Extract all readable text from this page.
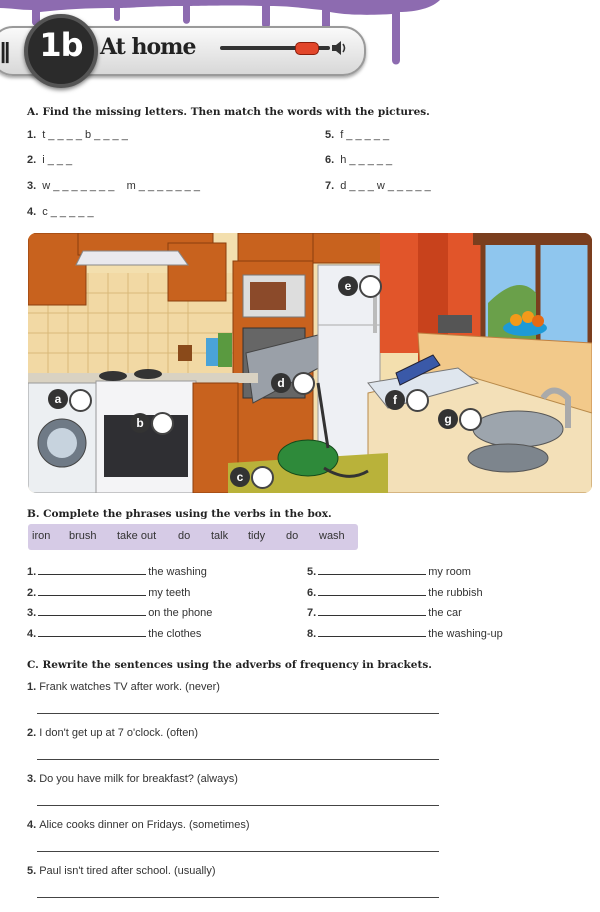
|| 1b At home
A. Find the missing letters. Then match the words with the pictures.
1. t _ _ _ _ b _ _ _ _
2. i _ _ _
3. w _ _ _ _ _ _ _    m _ _ _ _ _ _ _
4. c _ _ _ _ _
5. f _ _ _ _ _
6. h _ _ _ _ _
7. d _ _ _ w _ _ _ _ _
a
b
c
d
e
f
g
B. Complete the phrases using the verbs in the box.
iron brush take out do talk tidy do wash
1.	the washing
2.	my teeth
3.	on the phone
4.	the clothes
5.	my room
6.	the rubbish
7.	the car
8.	the washing-up
C. Rewrite the sentences using the adverbs of frequency in brackets.
1. Frank watches TV after work. (never)
2. I don't get up at 7 o'clock. (often)
3. Do you have milk for breakfast? (always)
4. Alice cooks dinner on Fridays. (sometimes)
5. Paul isn't tired after school. (usually)
